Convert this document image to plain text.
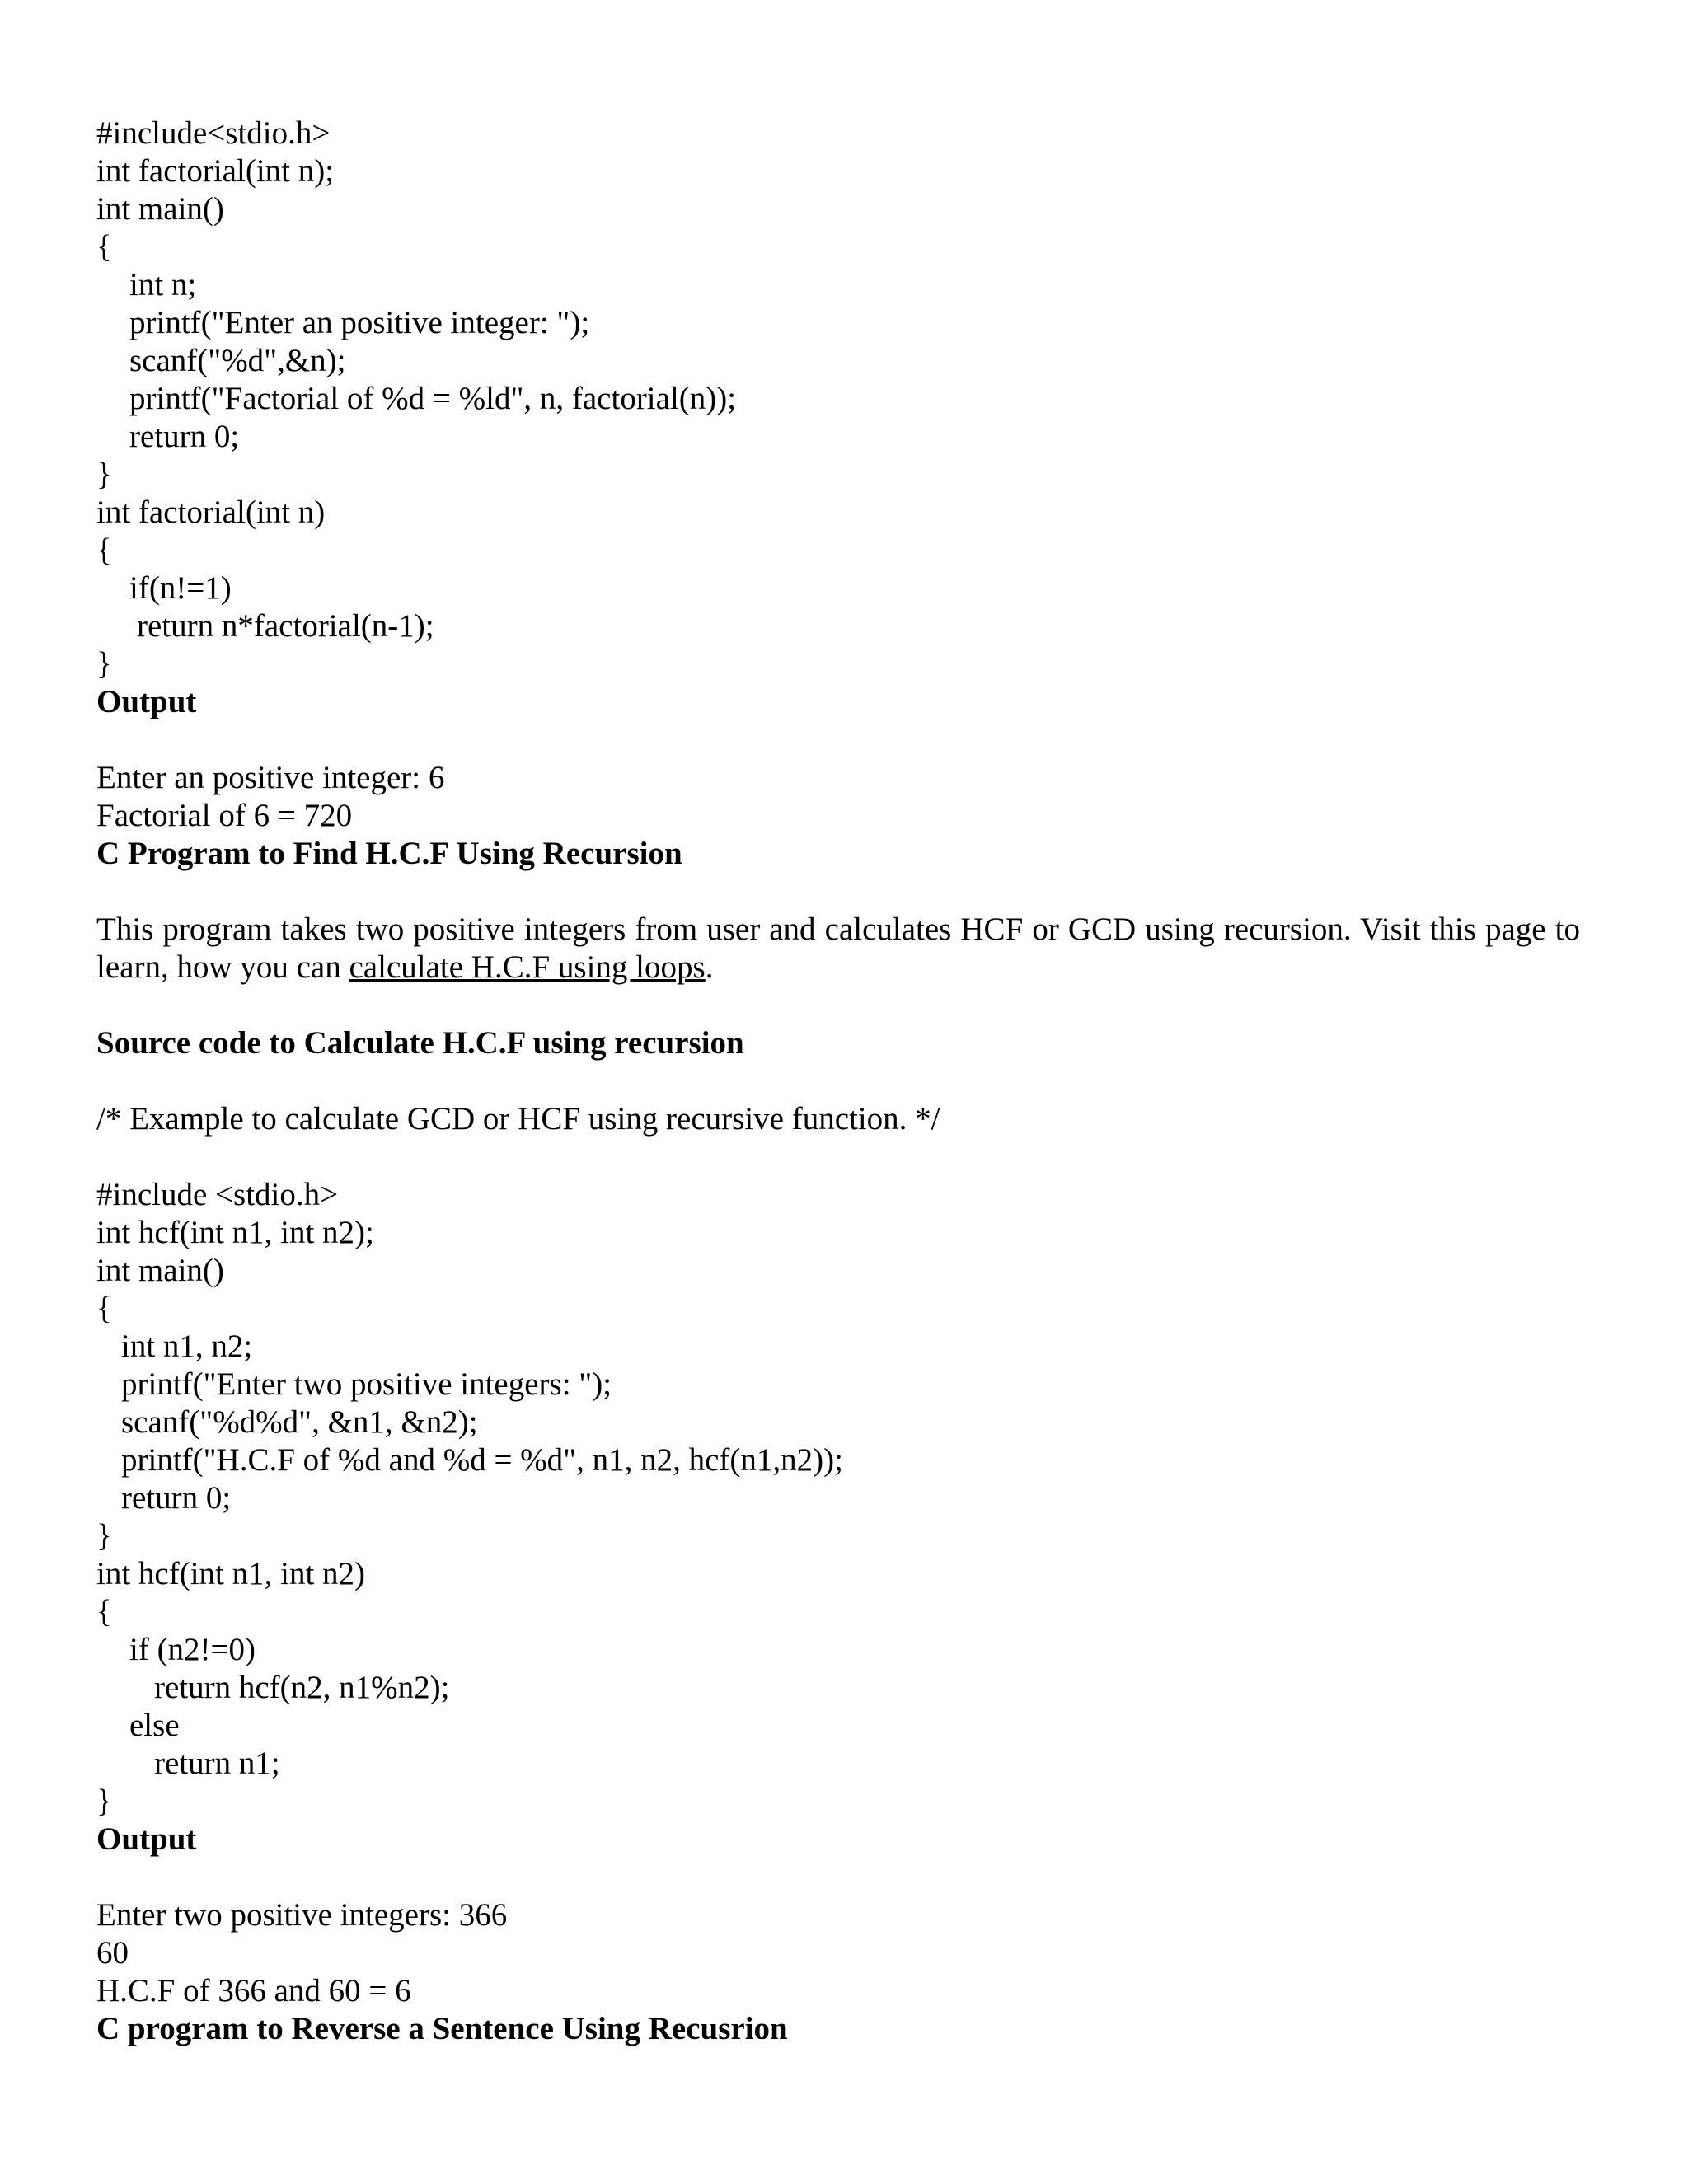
#include<stdio.h>
int factorial(int n);
int main()
{
int n;
printf("Enter an positive integer: ");
scanf("%d",&n);
printf("Factorial of %d = %ld", n, factorial(n));
return 0;
}
int factorial(int n)
{
if(n!=1)
return n*factorial(n-1);
}
Output
Enter an positive integer: 6
Factorial of 6 = 720
C Program to Find H.C.F Using Recursion
This program takes two positive integers from user and calculates HCF or GCD using recursion. Visit this page to learn, how you can calculate H.C.F using loops.
Source code to Calculate H.C.F using recursion
/* Example to calculate GCD or HCF using recursive function. */
#include <stdio.h>
int hcf(int n1, int n2);
int main()
{
int n1, n2;
printf("Enter two positive integers: ");
scanf("%d%d", &n1, &n2);
printf("H.C.F of %d and %d = %d", n1, n2, hcf(n1,n2));
return 0;
}
int hcf(int n1, int n2)
{
if (n2!=0)
return hcf(n2, n1%n2);
else
return n1;
}
Output
Enter two positive integers: 366
60
H.C.F of 366 and 60 = 6
C program to Reverse a Sentence Using Recusrion
